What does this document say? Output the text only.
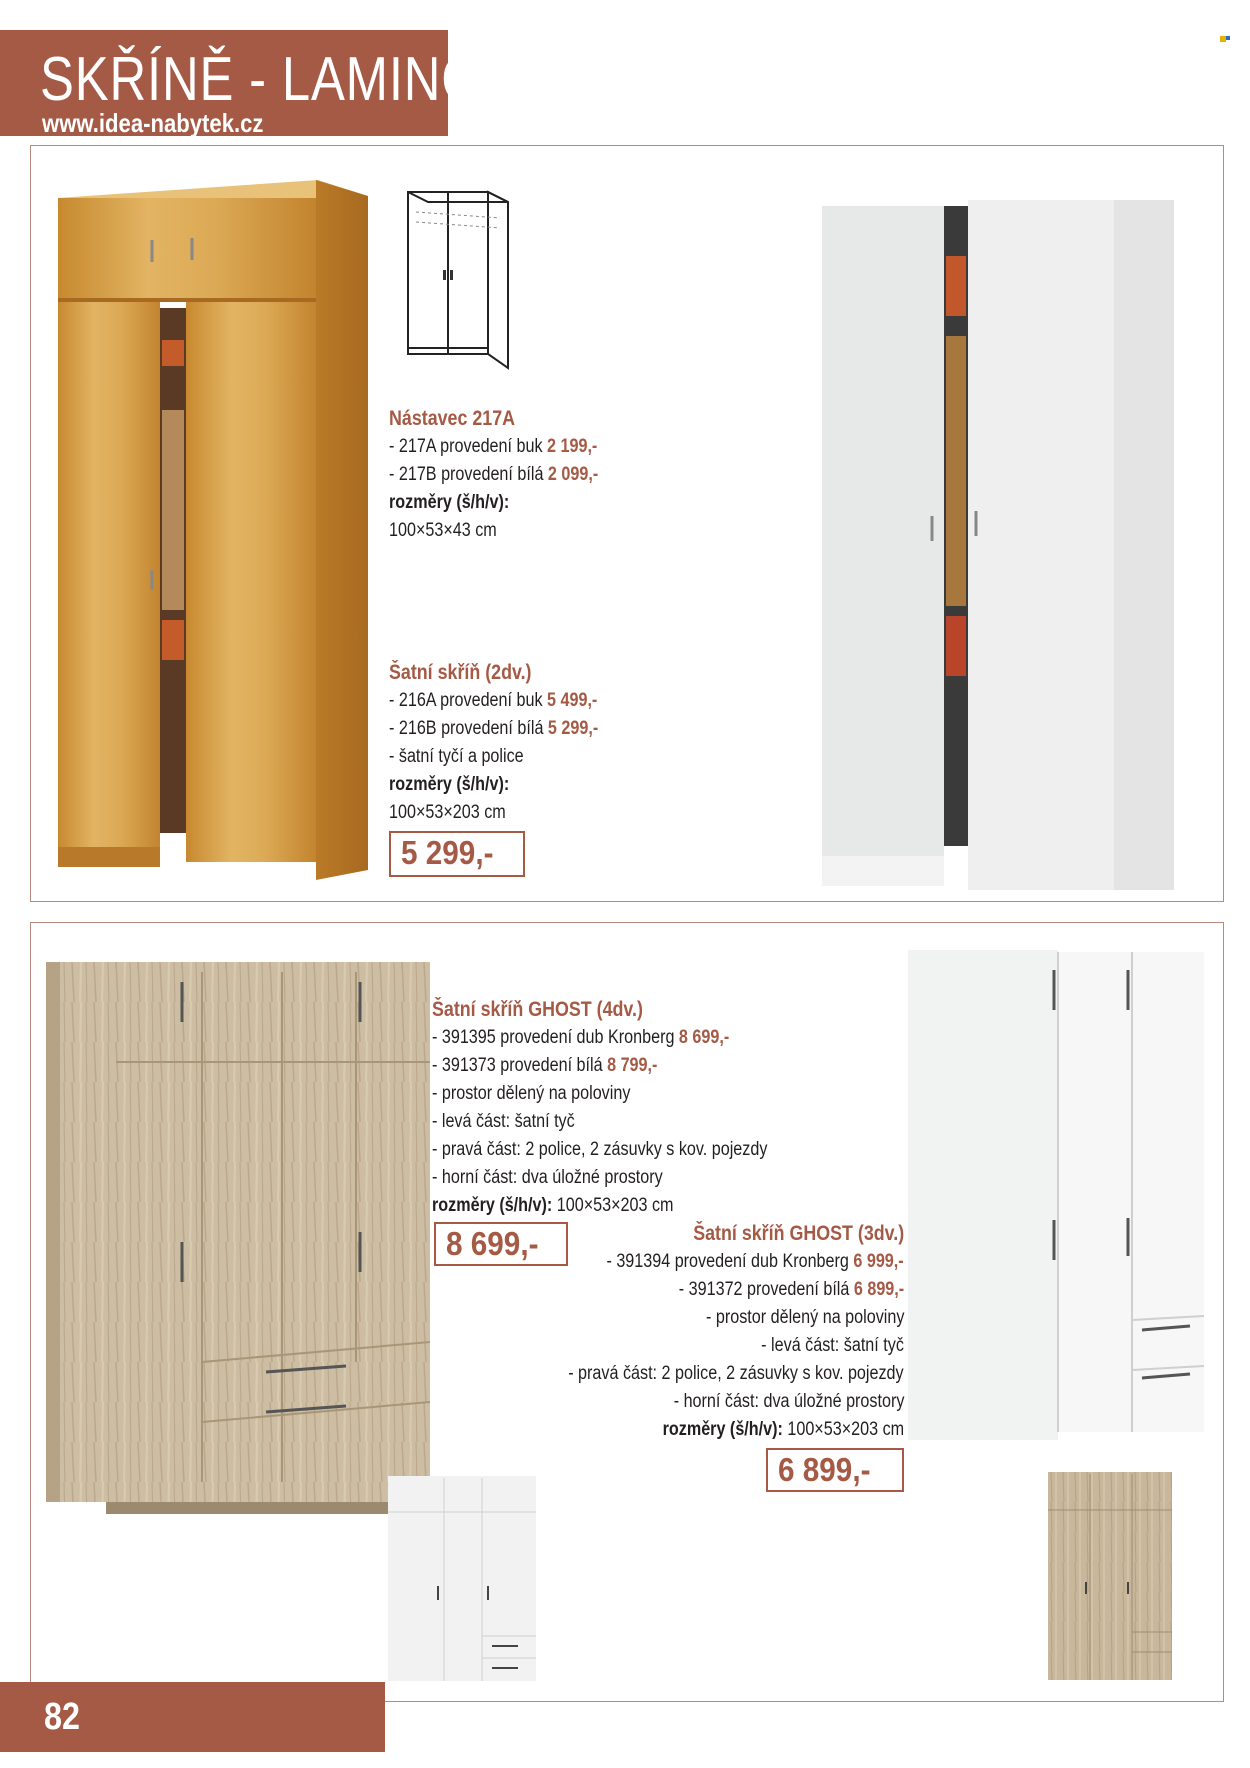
SKŘÍNĚ - LAMINO
www.idea-nabytek.cz
Nástavec 217A
- 217A provedení buk 2 199,-
- 217B provedení bílá 2 099,-
rozměry (š/h/v):
100×53×43 cm
Šatní skříň (2dv.)
- 216A provedení buk 5 499,-
- 216B provedení bílá 5 299,-
- šatní tyčí a police
rozměry (š/h/v):
100×53×203 cm
5 299,-
Šatní skříň GHOST (4dv.)
- 391395 provedení dub Kronberg 8 699,-
- 391373 provedení bílá 8 799,-
- prostor dělený na poloviny
- levá část: šatní tyč
- pravá část: 2 police, 2 zásuvky s kov. pojezdy
- horní část: dva úložné prostory
rozměry (š/h/v): 100×53×203 cm
8 699,-	Šatní skříň GHOST (3dv.)
- 391394 provedení dub Kronberg 6 999,-
- 391372 provedení bílá 6 899,-
- prostor dělený na poloviny
- levá část: šatní tyč
- pravá část: 2 police, 2 zásuvky s kov. pojezdy
- horní část: dva úložné prostory
rozměry (š/h/v): 100×53×203 cm
6 899,-
82
